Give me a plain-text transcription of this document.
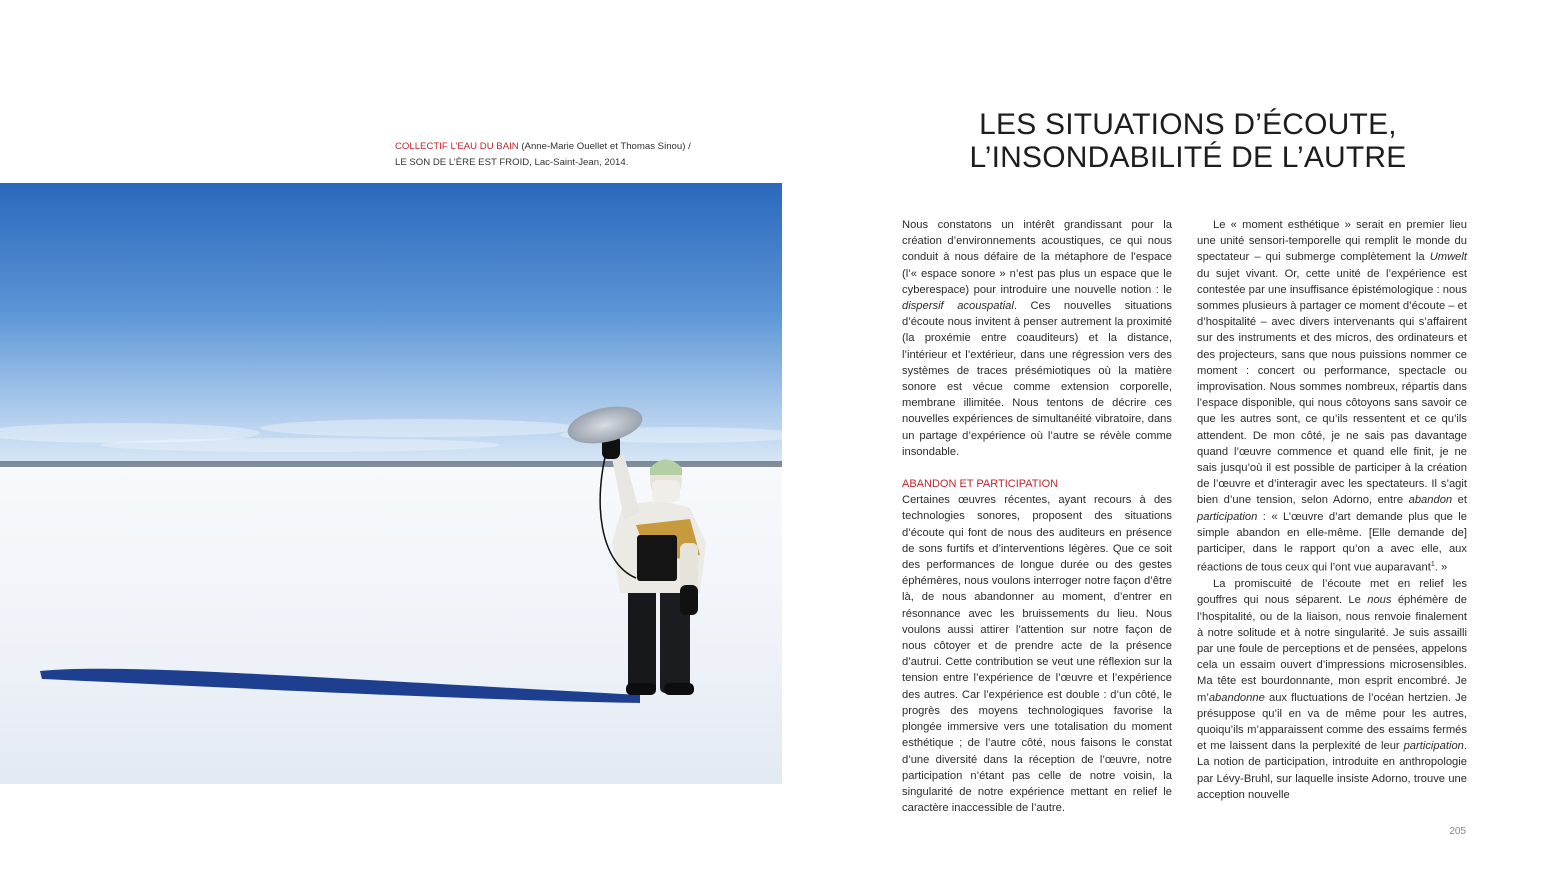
COLLECTIF L’EAU DU BAIN (Anne-Marie Ouellet et Thomas Sinou) /
LE SON DE L’ÈRE EST FROID, Lac-Saint-Jean, 2014.
LES SITUATIONS D’ÉCOUTE,
L’INSONDABILITÉ DE L’AUTRE

Nous constatons un intérêt grandissant pour la création d’environnements acoustiques, ce qui nous conduit à nous défaire de la métaphore de l’espace (l’« espace sonore » n’est pas plus un espace que le cyberespace) pour introduire une nouvelle notion : le dispersif acouspatial. Ces nouvelles situations d’écoute nous invitent à penser autrement la proximité (la proxémie entre coauditeurs) et la distance, l’intérieur et l’extérieur, dans une régression vers des systèmes de traces présémiotiques où la matière sonore est vécue comme extension corporelle, membrane illimitée. Nous tentons de décrire ces nouvelles expériences de simultanéité vibratoire, dans un partage d’expérience où l’autre se révèle comme insondable.

ABANDON ET PARTICIPATION

Certaines œuvres récentes, ayant recours à des technologies sonores, proposent des situations d’écoute qui font de nous des auditeurs en présence de sons furtifs et d’interventions légères. Que ce soit des performances de longue durée ou des gestes éphémères, nous voulons interroger notre façon d’être là, de nous abandonner au moment, d’entrer en résonnance avec les bruissements du lieu. Nous voulons aussi attirer l’attention sur notre façon de nous côtoyer et de prendre acte de la présence d’autrui. Cette contribution se veut une réflexion sur la tension entre l’expérience de l’œuvre et l’expérience des autres. Car l’expérience est double : d’un côté, le progrès des moyens technologiques favorise la plongée immersive vers une totalisation du moment esthétique ; de l’autre côté, nous faisons le constat d’une diversité dans la réception de l’œuvre, notre participation n’étant pas celle de notre voisin, la singularité de notre expérience mettant en relief le caractère inaccessible de l’autre.

Le « moment esthétique » serait en premier lieu une unité sensori-temporelle qui remplit le monde du spectateur – qui submerge complètement la Umwelt du sujet vivant. Or, cette unité de l’expérience est contestée par une insuffisance épistémologique : nous sommes plusieurs à partager ce moment d’écoute – et d’hospitalité – avec divers intervenants qui s’affairent sur des instruments et des micros, des ordinateurs et des projecteurs, sans que nous puissions nommer ce moment : concert ou performance, spectacle ou improvisation. Nous sommes nombreux, répartis dans l’espace disponible, qui nous côtoyons sans savoir ce que les autres sont, ce qu’ils ressentent et ce qu’ils attendent. De mon côté, je ne sais pas davantage quand l’œuvre commence et quand elle finit, je ne sais jusqu’où il est possible de participer à la création de l’œuvre et d’interagir avec les spectateurs. Il s’agit bien d’une tension, selon Adorno, entre abandon et participation : « L’œuvre d’art demande plus que le simple abandon en elle-même. [Elle demande de] participer, dans le rapport qu’on a avec elle, aux réactions de tous ceux qui l’ont vue auparavant$^1$. »

La promiscuité de l’écoute met en relief les gouffres qui nous séparent. Le nous éphémère de l’hospitalité, ou de la liaison, nous renvoie finalement à notre solitude et à notre singularité. Je suis assailli par une foule de perceptions et de pensées, appelons cela un essaim ouvert d’impressions microsensibles. Ma tête est bourdonnante, mon esprit encombré. Je m’abandonne aux fluctuations de l’océan hertzien. Je présuppose qu’il en va de même pour les autres, quoiqu’ils m’apparaissent comme des essaims fermés et me laissent dans la perplexité de leur participation. La notion de participation, introduite en anthropologie par Lévy-Bruhl, sur laquelle insiste Adorno, trouve une acception nouvelle

205
